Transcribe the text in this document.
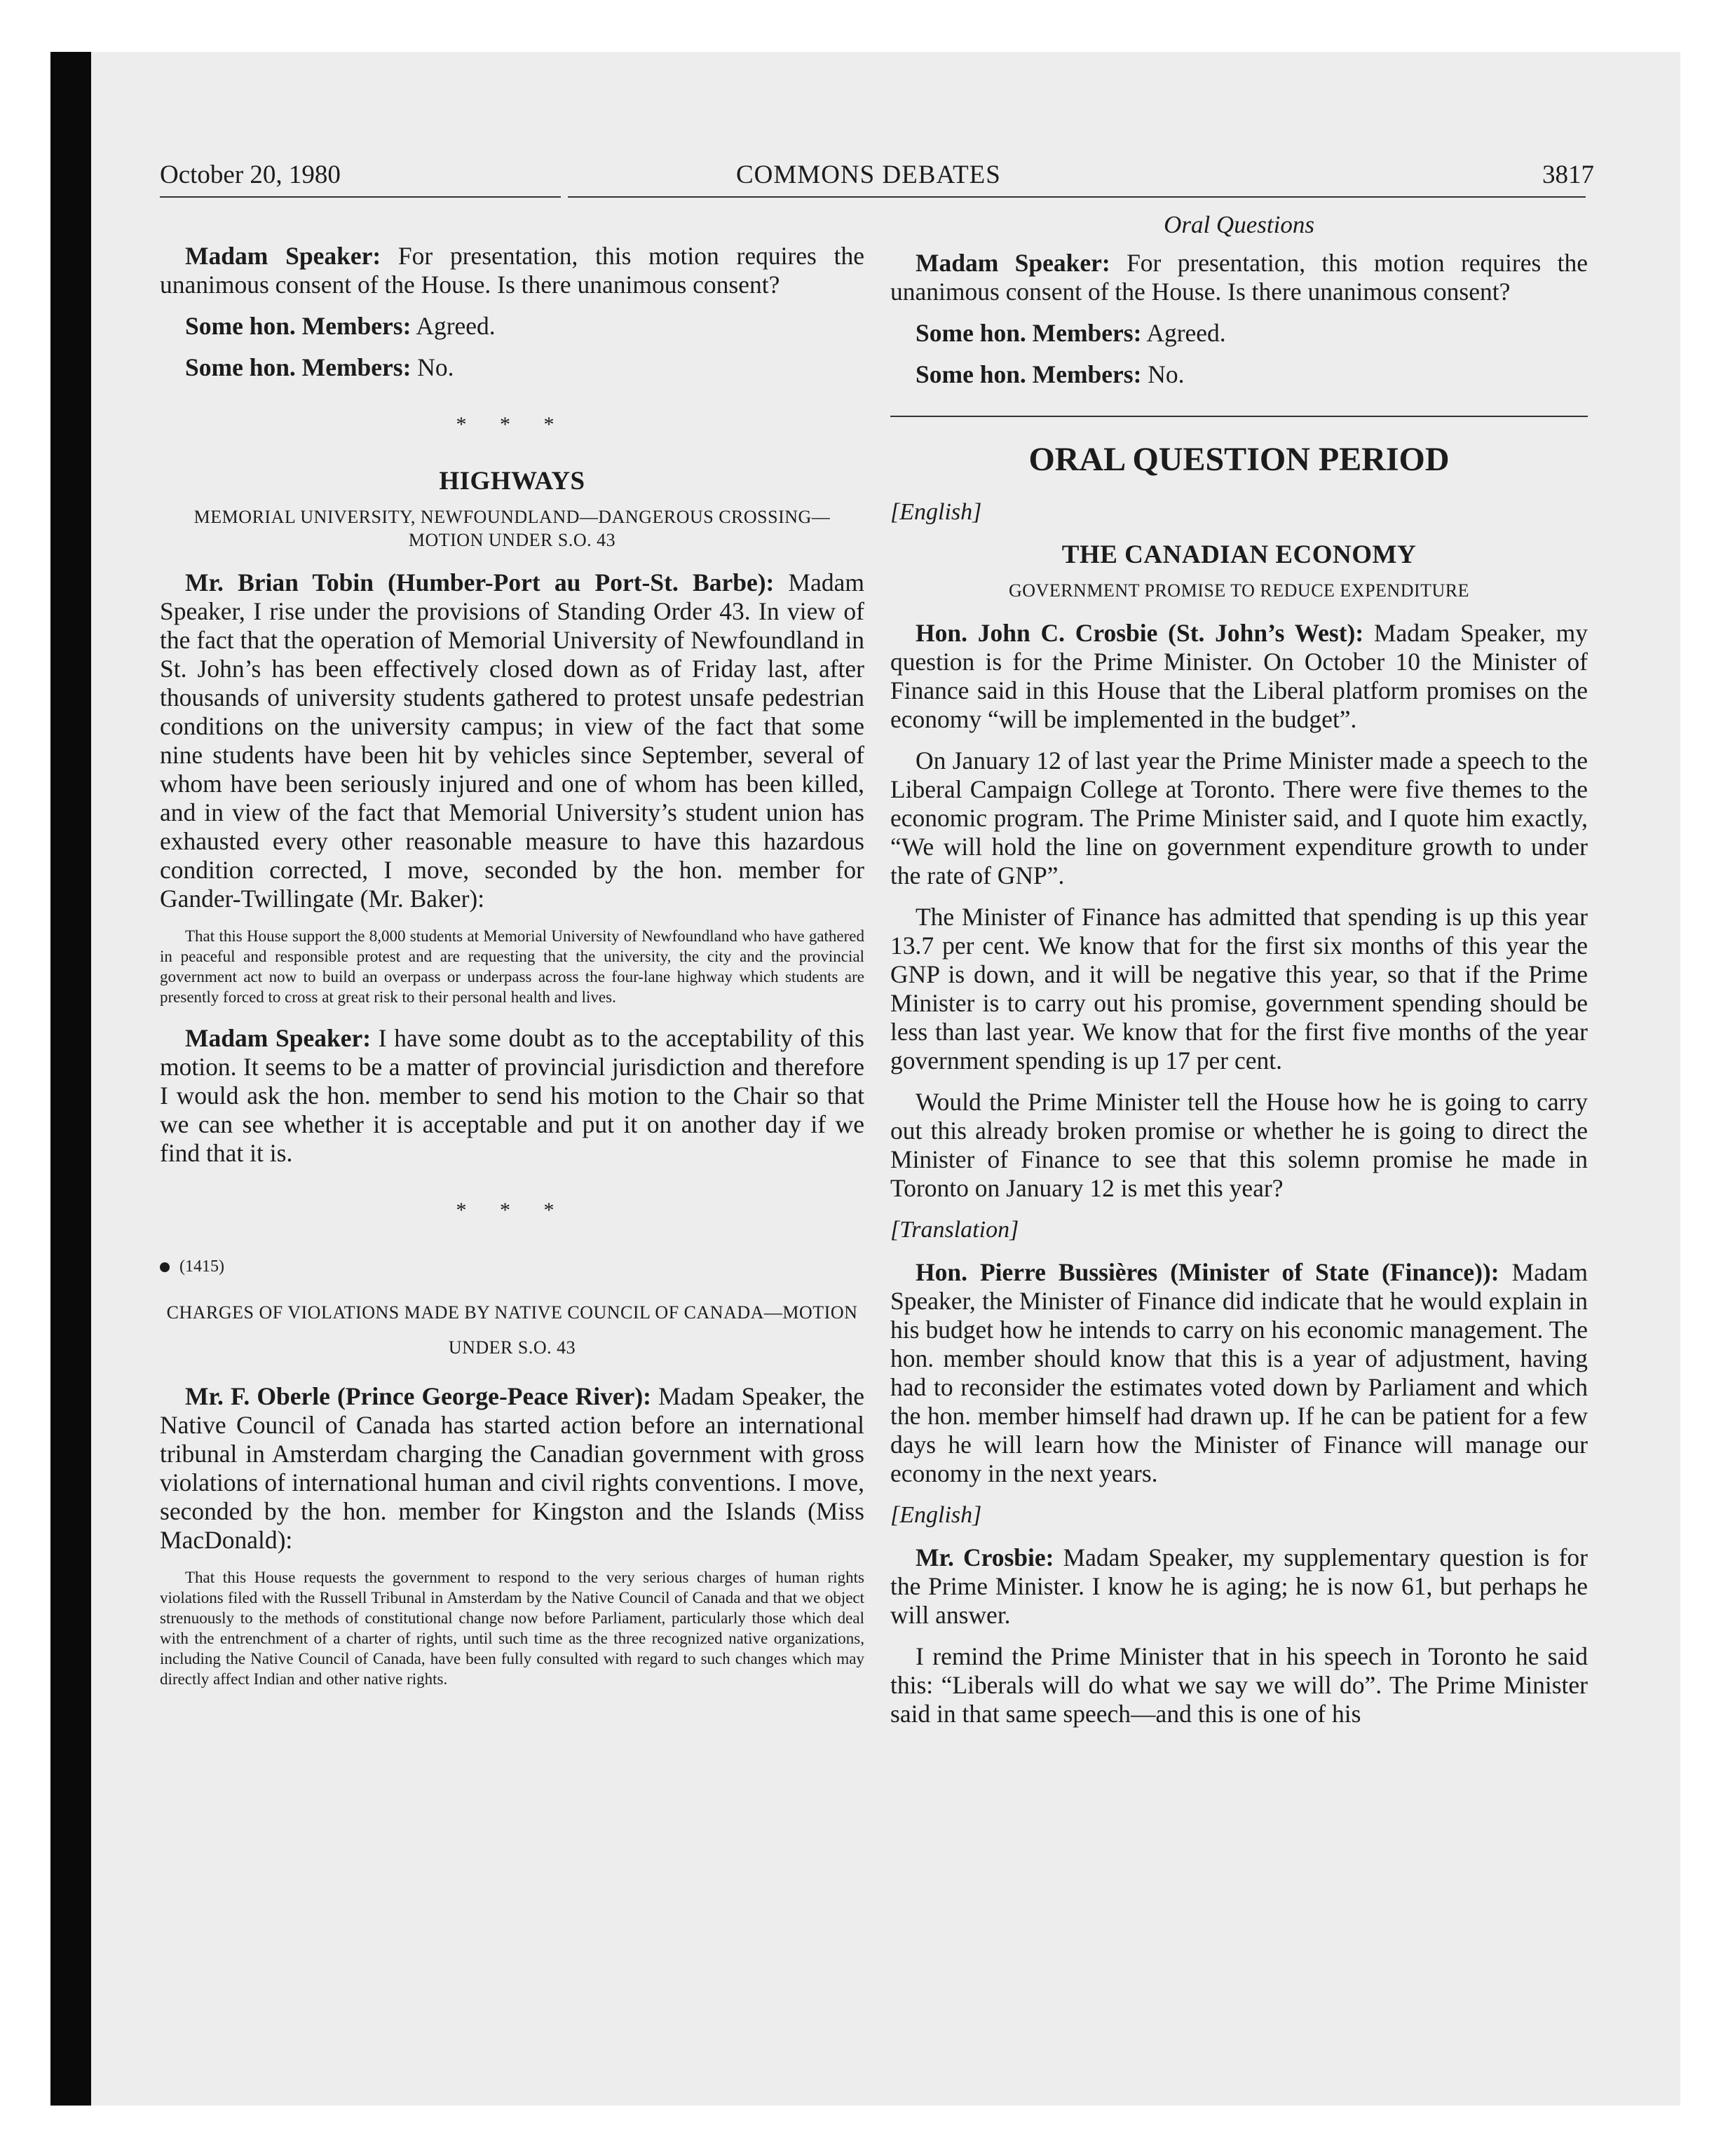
October 20, 1980	COMMONS DEBATES	3817

Madam Speaker: For presentation, this motion requires the unanimous consent of the House. Is there unanimous consent?

Some hon. Members: Agreed.

Some hon. Members: No.

* * *
HIGHWAYS
MEMORIAL UNIVERSITY, NEWFOUNDLAND—DANGEROUS CROSSING—MOTION UNDER S.O. 43

Mr. Brian Tobin (Humber-Port au Port-St. Barbe): Madam Speaker, I rise under the provisions of Standing Order 43. In view of the fact that the operation of Memorial University of Newfoundland in St. John’s has been effectively closed down as of Friday last, after thousands of university students gathered to protest unsafe pedestrian conditions on the university campus; in view of the fact that some nine students have been hit by vehicles since September, several of whom have been seriously injured and one of whom has been killed, and in view of the fact that Memorial University’s student union has exhausted every other reasonable measure to have this hazardous condition corrected, I move, seconded by the hon. member for Gander-Twillingate (Mr. Baker):

That this House support the 8,000 students at Memorial University of Newfoundland who have gathered in peaceful and responsible protest and are requesting that the university, the city and the provincial government act now to build an overpass or underpass across the four-lane highway which students are presently forced to cross at great risk to their personal health and lives.

Madam Speaker: I have some doubt as to the acceptability of this motion. It seems to be a matter of provincial jurisdiction and therefore I would ask the hon. member to send his motion to the Chair so that we can see whether it is acceptable and put it on another day if we find that it is.

* * *
(1415)
CHARGES OF VIOLATIONS MADE BY NATIVE COUNCIL OF CANADA—MOTION UNDER S.O. 43

Mr. F. Oberle (Prince George-Peace River): Madam Speaker, the Native Council of Canada has started action before an international tribunal in Amsterdam charging the Canadian government with gross violations of international human and civil rights conventions. I move, seconded by the hon. member for Kingston and the Islands (Miss MacDonald):

That this House requests the government to respond to the very serious charges of human rights violations filed with the Russell Tribunal in Amsterdam by the Native Council of Canada and that we object strenuously to the methods of constitutional change now before Parliament, particularly those which deal with the entrenchment of a charter of rights, until such time as the three recognized native organizations, including the Native Council of Canada, have been fully consulted with regard to such changes which may directly affect Indian and other native rights.
Oral Questions

Madam Speaker: For presentation, this motion requires the unanimous consent of the House. Is there unanimous consent?

Some hon. Members: Agreed.

Some hon. Members: No.

ORAL QUESTION PERIOD
[English]
THE CANADIAN ECONOMY
GOVERNMENT PROMISE TO REDUCE EXPENDITURE

Hon. John C. Crosbie (St. John’s West): Madam Speaker, my question is for the Prime Minister. On October 10 the Minister of Finance said in this House that the Liberal platform promises on the economy “will be implemented in the budget”.

On January 12 of last year the Prime Minister made a speech to the Liberal Campaign College at Toronto. There were five themes to the economic program. The Prime Minister said, and I quote him exactly, “We will hold the line on government expenditure growth to under the rate of GNP”.

The Minister of Finance has admitted that spending is up this year 13.7 per cent. We know that for the first six months of this year the GNP is down, and it will be negative this year, so that if the Prime Minister is to carry out his promise, government spending should be less than last year. We know that for the first five months of the year government spending is up 17 per cent.

Would the Prime Minister tell the House how he is going to carry out this already broken promise or whether he is going to direct the Minister of Finance to see that this solemn promise he made in Toronto on January 12 is met this year?

[Translation]

Hon. Pierre Bussières (Minister of State (Finance)): Madam Speaker, the Minister of Finance did indicate that he would explain in his budget how he intends to carry on his economic management. The hon. member should know that this is a year of adjustment, having had to reconsider the estimates voted down by Parliament and which the hon. member himself had drawn up. If he can be patient for a few days he will learn how the Minister of Finance will manage our economy in the next years.

[English]

Mr. Crosbie: Madam Speaker, my supplementary question is for the Prime Minister. I know he is aging; he is now 61, but perhaps he will answer.

I remind the Prime Minister that in his speech in Toronto he said this: “Liberals will do what we say we will do”. The Prime Minister said in that same speech—and this is one of his
